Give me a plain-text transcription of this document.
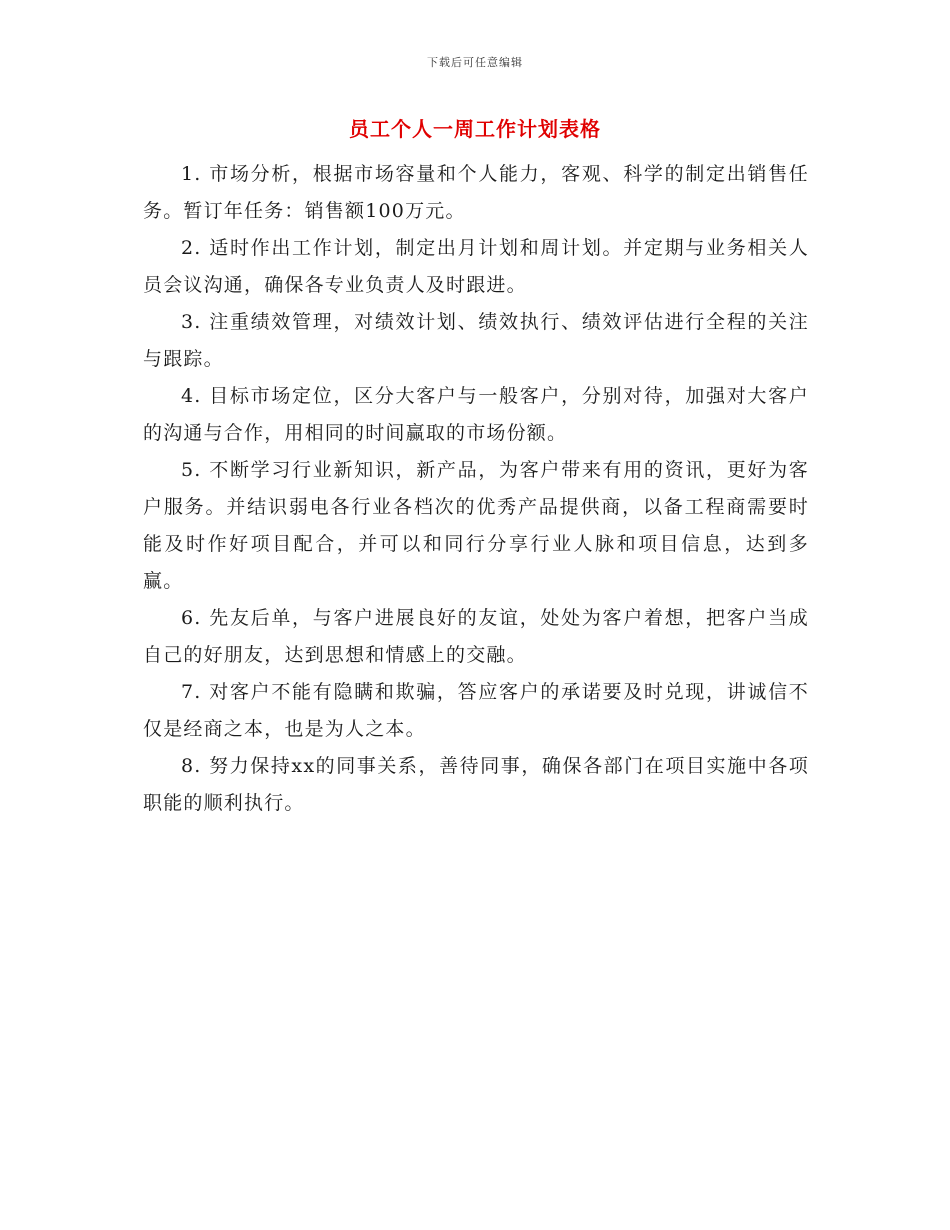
下载后可任意编辑
员工个人一周工作计划表格

1. 市场分析，根据市场容量和个人能力，客观、科学的制定出销售任务。暂订年任务：销售额100万元。

2. 适时作出工作计划，制定出月计划和周计划。并定期与业务相关人员会议沟通，确保各专业负责人及时跟进。

3. 注重绩效管理，对绩效计划、绩效执行、绩效评估进行全程的关注与跟踪。

4. 目标市场定位，区分大客户与一般客户，分别对待，加强对大客户的沟通与合作，用相同的时间赢取的市场份额。

5. 不断学习行业新知识，新产品，为客户带来有用的资讯，更好为客户服务。并结识弱电各行业各档次的优秀产品提供商，以备工程商需要时能及时作好项目配合，并可以和同行分享行业人脉和项目信息，达到多赢。

6. 先友后单，与客户进展良好的友谊，处处为客户着想，把客户当成自己的好朋友，达到思想和情感上的交融。

7. 对客户不能有隐瞒和欺骗，答应客户的承诺要及时兑现，讲诚信不仅是经商之本，也是为人之本。

8. 努力保持xx的同事关系，善待同事，确保各部门在项目实施中各项职能的顺利执行。
